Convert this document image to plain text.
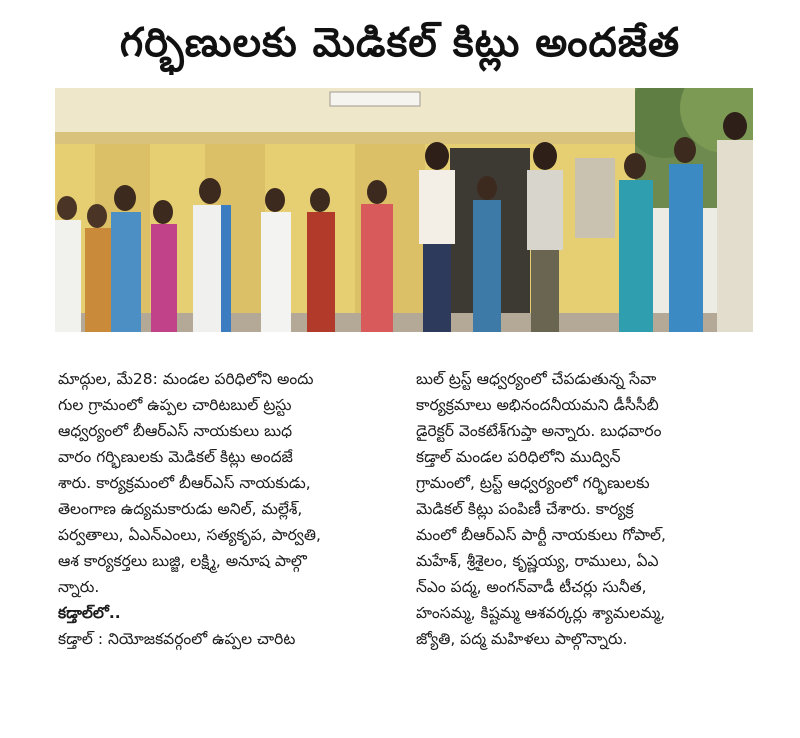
గర్భిణులకు మెడికల్ కిట్లు అందజేత

మాద్గుల, మే28: మండల పరిధిలోని అందు
గుల గ్రామంలో ఉప్పల చారిటబుల్ ట్రస్టు
ఆధ్వర్యంలో బీఆర్ఎస్ నాయకులు బుధ
వారం గర్భిణులకు మెడికల్ కిట్లు అందజే
శారు. కార్యక్రమంలో బీఆర్ఎస్ నాయకుడు,
తెలంగాణ ఉద్యమకారుడు అనిల్, మల్లేశ్,
పర్వతాలు, ఏఎన్ఎంలు, సత్యకృప, పార్వతి,
ఆశ కార్యకర్తలు బుజ్జి, లక్ష్మి, అనూష పాల్గొ
న్నారు.
కడ్తాల్‌లో..
కడ్తాల్ : నియోజకవర్గంలో ఉప్పల చారిట

బుల్ ట్రస్ట్ ఆధ్వర్యంలో చేపడుతున్న సేవా
కార్యక్రమాలు అభినందనీయమని డీసీసీబీ
డైరెక్టర్ వెంకటేశ్‌గుప్తా అన్నారు. బుధవారం
కడ్తాల్ మండల పరిధిలోని ముద్విన్
గ్రామంలో, ట్రస్ట్ ఆధ్వర్యంలో గర్భిణులకు
మెడికల్ కిట్లు పంపిణీ చేశారు. కార్యక్ర
మంలో బీఆర్ఎస్ పార్టీ నాయకులు గోపాల్,
మహేశ్, శ్రీశైలం, కృష్ణయ్య, రాములు, ఏఎ
న్ఎం పద్మ, అంగన్‌వాడీ టీచర్లు సునీత,
హంసమ్మ, కిష్టమ్మ ఆశవర్కర్లు శ్యామలమ్మ,
జ్యోతి, పద్మ మహిళలు పాల్గొన్నారు.
